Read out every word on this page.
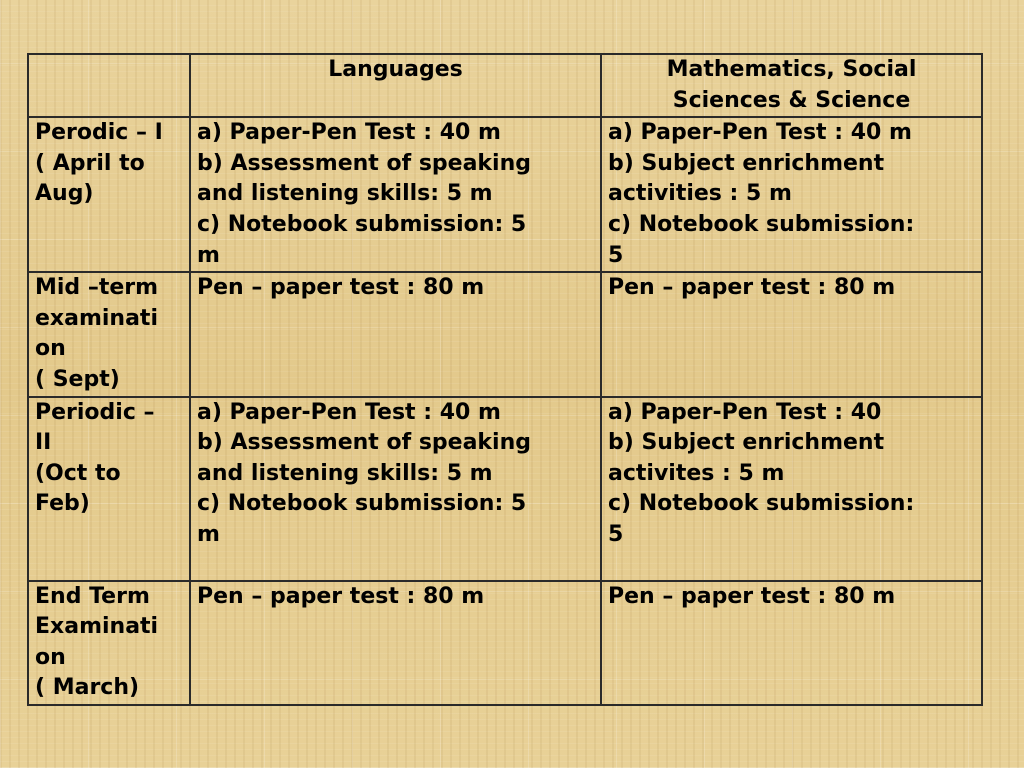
	Languages	Mathematics, Social
Sciences & Science
Perodic – I
( April to
Aug)	a) Paper-Pen Test : 40 m
b) Assessment of speaking
and listening skills: 5 m
c) Notebook submission: 5
m	a) Paper-Pen Test : 40 m
b) Subject enrichment
activities : 5 m
c) Notebook submission:
5
Mid –term
examinati
on
( Sept)	Pen – paper test : 80 m	Pen – paper test : 80 m
Periodic –
II
(Oct to
Feb)	a) Paper-Pen Test : 40 m
b) Assessment of speaking
and listening skills: 5 m
c) Notebook submission: 5
m	a) Paper-Pen Test : 40
b) Subject enrichment
activites : 5 m
c) Notebook submission:
5
End Term
Examinati
on
( March)	Pen – paper test : 80 m	Pen – paper test : 80 m
